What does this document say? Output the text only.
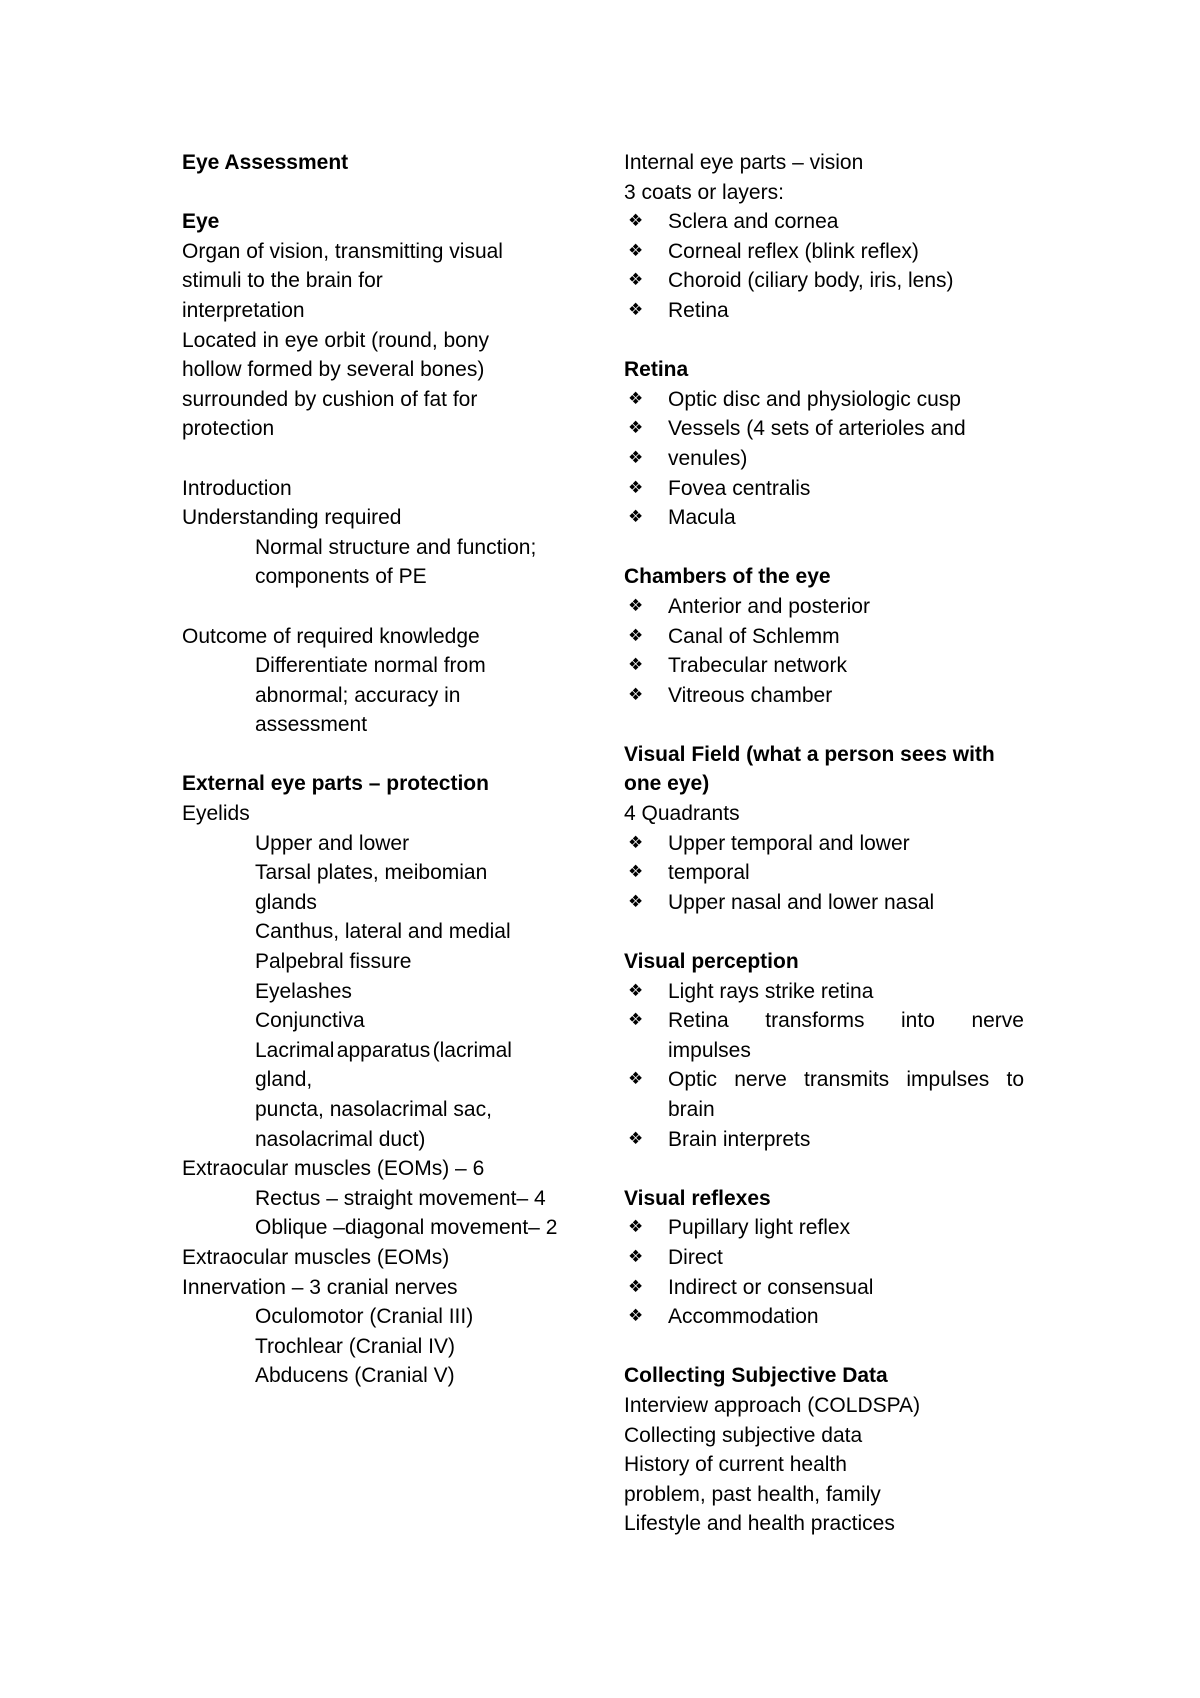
Eye Assessment
Eye
Organ of vision, transmitting visual
stimuli to the brain for
interpretation
Located in eye orbit (round, bony
hollow formed by several bones)
surrounded by cushion of fat for
protection
Introduction
Understanding required
Normal structure and function;
components of PE
Outcome of required knowledge
Differentiate normal from
abnormal; accuracy in
assessment
External eye parts – protection
Eyelids
Upper and lower
Tarsal plates, meibomian
glands
Canthus, lateral and medial
Palpebral fissure
Eyelashes
Conjunctiva
Lacrimal apparatus (lacrimal
gland,
puncta, nasolacrimal sac,
nasolacrimal duct)
Extraocular muscles (EOMs) – 6
Rectus – straight movement– 4
Oblique –diagonal movement– 2
Extraocular muscles (EOMs)
Innervation – 3 cranial nerves
Oculomotor (Cranial III)
Trochlear (Cranial IV)
Abducens (Cranial V)
Internal eye parts – vision
3 coats or layers:
❖ Sclera and cornea
❖ Corneal reflex (blink reflex)
❖ Choroid (ciliary body, iris, lens)
❖ Retina
Retina
❖ Optic disc and physiologic cusp
❖ Vessels (4 sets of arterioles and
❖ venules)
❖ Fovea centralis
❖ Macula
Chambers of the eye
❖ Anterior and posterior
❖ Canal of Schlemm
❖ Trabecular network
❖ Vitreous chamber
Visual Field (what a person sees with
one eye)
4 Quadrants
❖ Upper temporal and lower
❖ temporal
❖ Upper nasal and lower nasal
Visual perception
❖ Light rays strike retina
❖ Retina transforms into nerve
impulses
❖ Optic nerve transmits impulses to
brain
❖ Brain interprets
Visual reflexes
❖ Pupillary light reflex
❖ Direct
❖ Indirect or consensual
❖ Accommodation
Collecting Subjective Data
Interview approach (COLDSPA)
Collecting subjective data
History of current health
problem, past health, family
Lifestyle and health practices
